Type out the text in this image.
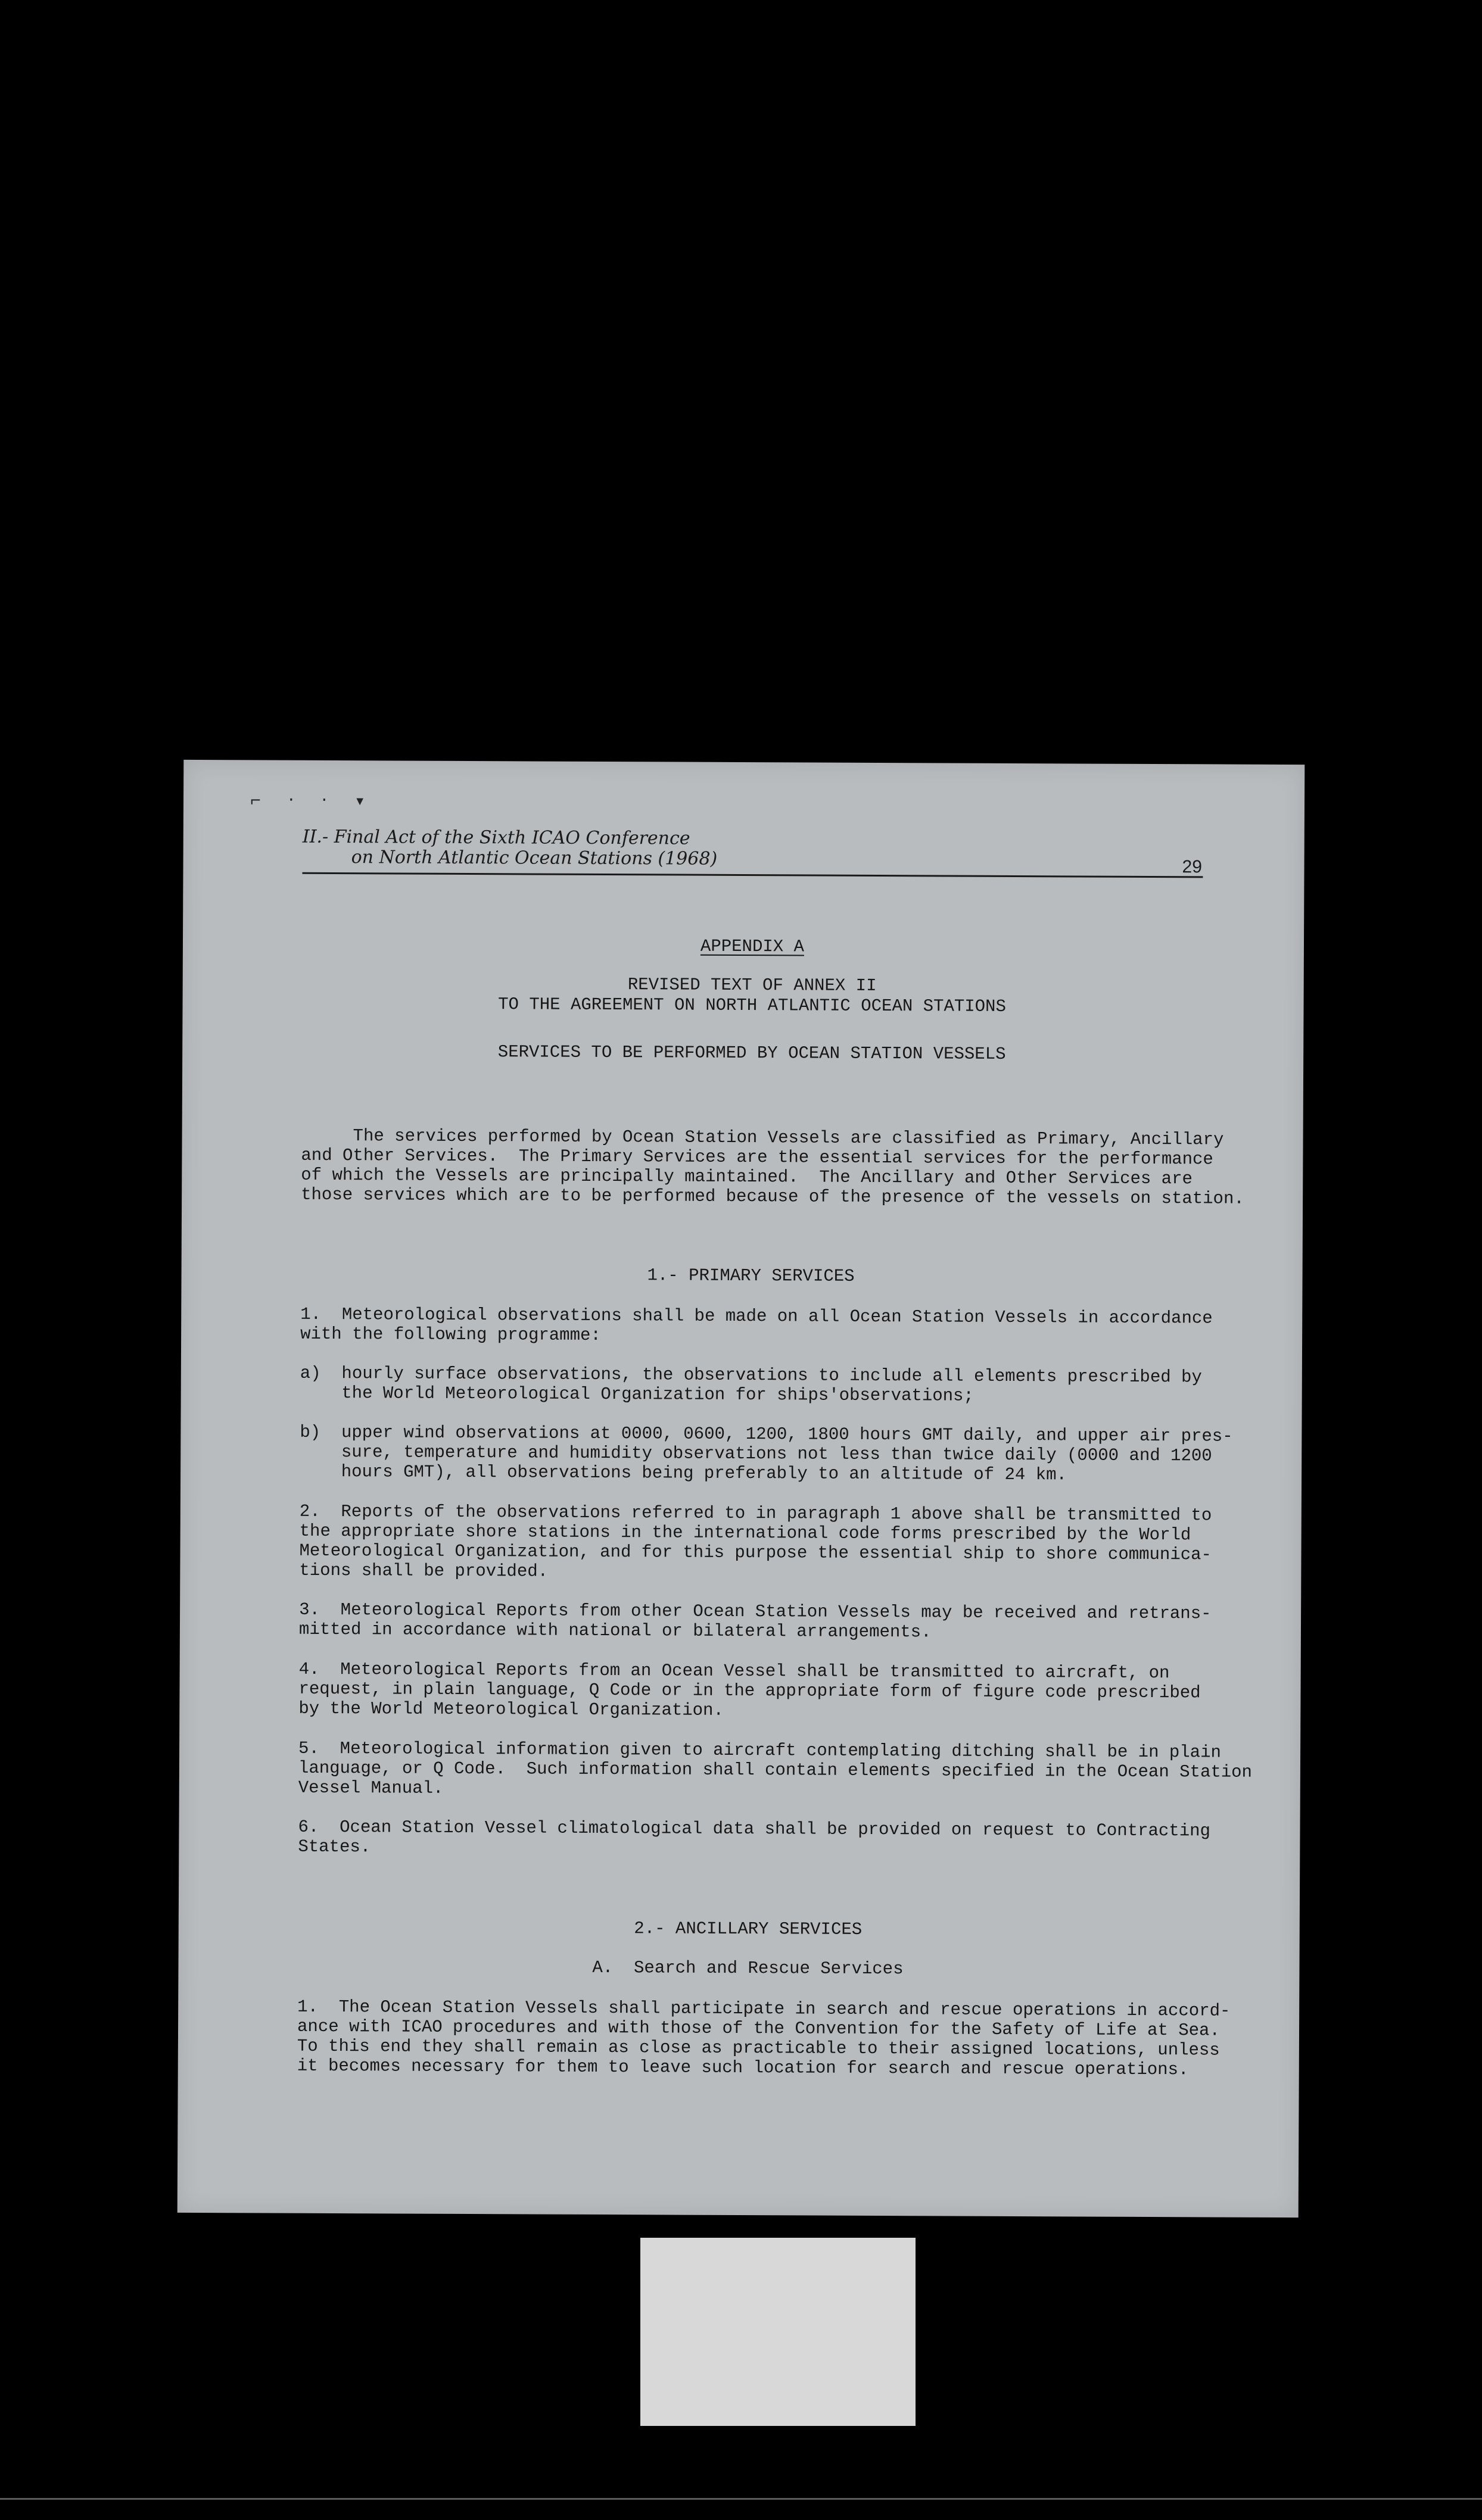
⌐ ‧ ‧ ▾
II.- Final Act of the Sixth ICAO Conference
on North Atlantic Ocean Stations (1968)	29
APPENDIX A
REVISED TEXT OF ANNEX II
TO THE AGREEMENT ON NORTH ATLANTIC OCEAN STATIONS
SERVICES TO BE PERFORMED BY OCEAN STATION VESSELS
The services performed by Ocean Station Vessels are classified as Primary, Ancillary
and Other Services.  The Primary Services are the essential services for the performance
of which the Vessels are principally maintained.  The Ancillary and Other Services are
those services which are to be performed because of the presence of the vessels on station.
1.- PRIMARY SERVICES
1.  Meteorological observations shall be made on all Ocean Station Vessels in accordance
with the following programme:
a)  hourly surface observations, the observations to include all elements prescribed by
the World Meteorological Organization for ships'observations;
b)  upper wind observations at 0000, 0600, 1200, 1800 hours GMT daily, and upper air pres-
sure, temperature and humidity observations not less than twice daily (0000 and 1200
hours GMT), all observations being preferably to an altitude of 24 km.
2.  Reports of the observations referred to in paragraph 1 above shall be transmitted to
the appropriate shore stations in the international code forms prescribed by the World
Meteorological Organization, and for this purpose the essential ship to shore communica-
tions shall be provided.
3.  Meteorological Reports from other Ocean Station Vessels may be received and retrans-
mitted in accordance with national or bilateral arrangements.
4.  Meteorological Reports from an Ocean Vessel shall be transmitted to aircraft, on
request, in plain language, Q Code or in the appropriate form of figure code prescribed
by the World Meteorological Organization.
5.  Meteorological information given to aircraft contemplating ditching shall be in plain
language, or Q Code.  Such information shall contain elements specified in the Ocean Station
Vessel Manual.
6.  Ocean Station Vessel climatological data shall be provided on request to Contracting
States.
2.- ANCILLARY SERVICES
A.  Search and Rescue Services
1.  The Ocean Station Vessels shall participate in search and rescue operations in accord-
ance with ICAO procedures and with those of the Convention for the Safety of Life at Sea.
To this end they shall remain as close as practicable to their assigned locations, unless
it becomes necessary for them to leave such location for search and rescue operations.
